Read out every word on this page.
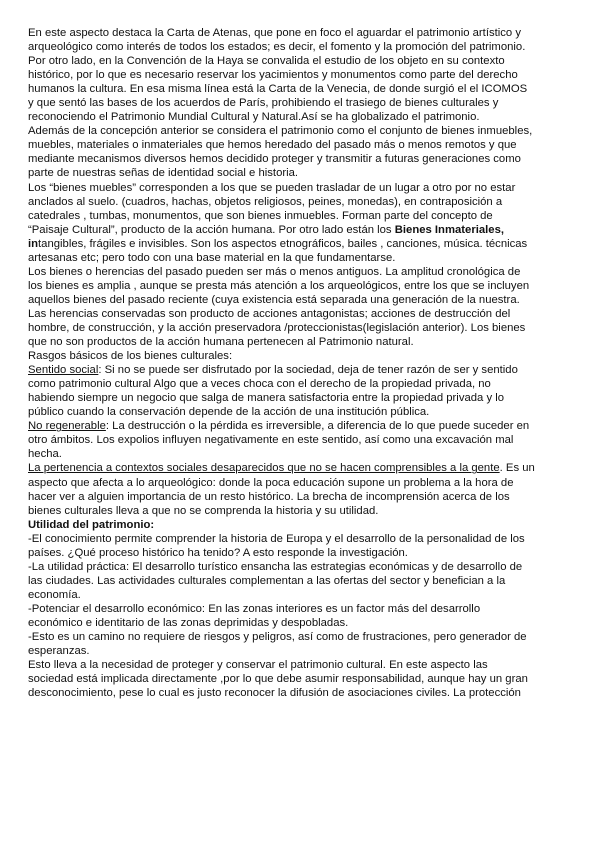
En este aspecto destaca la Carta de Atenas, que pone en foco el aguardar el patrimonio artístico y
arqueológico como interés de todos los estados; es decir, el fomento y la promoción del patrimonio.
Por otro lado, en la Convención de la Haya se convalida el estudio de los objeto en su contexto
histórico, por lo que es necesario reservar los yacimientos y monumentos como parte del derecho
humanos la cultura. En esa misma línea está la Carta de la Venecia, de donde surgió el el ICOMOS
y que sentó las bases de los acuerdos de París, prohibiendo el trasiego de bienes culturales y
reconociendo el Patrimonio Mundial Cultural y Natural.Así se ha globalizado el patrimonio.
Además de la concepción anterior se considera el patrimonio como el conjunto de bienes inmuebles,
muebles, materiales o inmateriales que hemos heredado del pasado más o menos remotos y que
mediante mecanismos diversos hemos decidido proteger y transmitir a futuras generaciones como
parte de nuestras señas de identidad social e historia.
Los “bienes muebles” corresponden a los que se pueden trasladar de un lugar a otro por no estar
anclados al suelo. (cuadros, hachas, objetos religiosos, peines, monedas), en contraposición a
catedrales , tumbas, monumentos, que son bienes inmuebles. Forman parte del concepto de
“Paisaje Cultural”, producto de la acción humana. Por otro lado están los Bienes Inmateriales,
intangibles, frágiles e invisibles. Son los aspectos etnográficos, bailes , canciones, música. técnicas
artesanas etc; pero todo con una base material en la que fundamentarse.
Los bienes o herencias del pasado pueden ser más o menos antiguos. La amplitud cronológica de
los bienes es amplia , aunque se presta más atención a los arqueológicos, entre los que se incluyen
aquellos bienes del pasado reciente (cuya existencia está separada una generación de la nuestra.
Las herencias conservadas son producto de acciones antagonistas; acciones de destrucción del
hombre, de construcción, y la acción preservadora /proteccionistas(legislación anterior). Los bienes
que no son productos de la acción humana pertenecen al Patrimonio natural.
Rasgos básicos de los bienes culturales:
Sentido social: Si no se puede ser disfrutado por la sociedad, deja de tener razón de ser y sentido
como patrimonio cultural Algo que a veces choca con el derecho de la propiedad privada, no
habiendo siempre un negocio que salga de manera satisfactoria entre la propiedad privada y lo
público cuando la conservación depende de la acción de una institución pública.
No regenerable: La destrucción o la pérdida es irreversible, a diferencia de lo que puede suceder en
otro ámbitos. Los expolios influyen negativamente en este sentido, así como una excavación mal
hecha.
La pertenencia a contextos sociales desaparecidos que no se hacen comprensibles a la gente. Es un
aspecto que afecta a lo arqueológico: donde la poca educación supone un problema a la hora de
hacer ver a alguien importancia de un resto histórico. La brecha de incomprensión acerca de los
bienes culturales lleva a que no se comprenda la historia y su utilidad.
Utilidad del patrimonio:
-El conocimiento permite comprender la historia de Europa y el desarrollo de la personalidad de los
países. ¿Qué proceso histórico ha tenido? A esto responde la investigación.
-La utilidad práctica: El desarrollo turístico ensancha las estrategias económicas y de desarrollo de
las ciudades. Las actividades culturales complementan a las ofertas del sector y benefician a la
economía.
-Potenciar el desarrollo económico: En las zonas interiores es un factor más del desarrollo
económico e identitario de las zonas deprimidas y despobladas.
-Esto es un camino no requiere de riesgos y peligros, así como de frustraciones, pero generador de
esperanzas.
Esto lleva a la necesidad de proteger y conservar el patrimonio cultural. En este aspecto las
sociedad está implicada directamente ,por lo que debe asumir responsabilidad, aunque hay un gran
desconocimiento, pese lo cual es justo reconocer la difusión de asociaciones civiles. La protección
